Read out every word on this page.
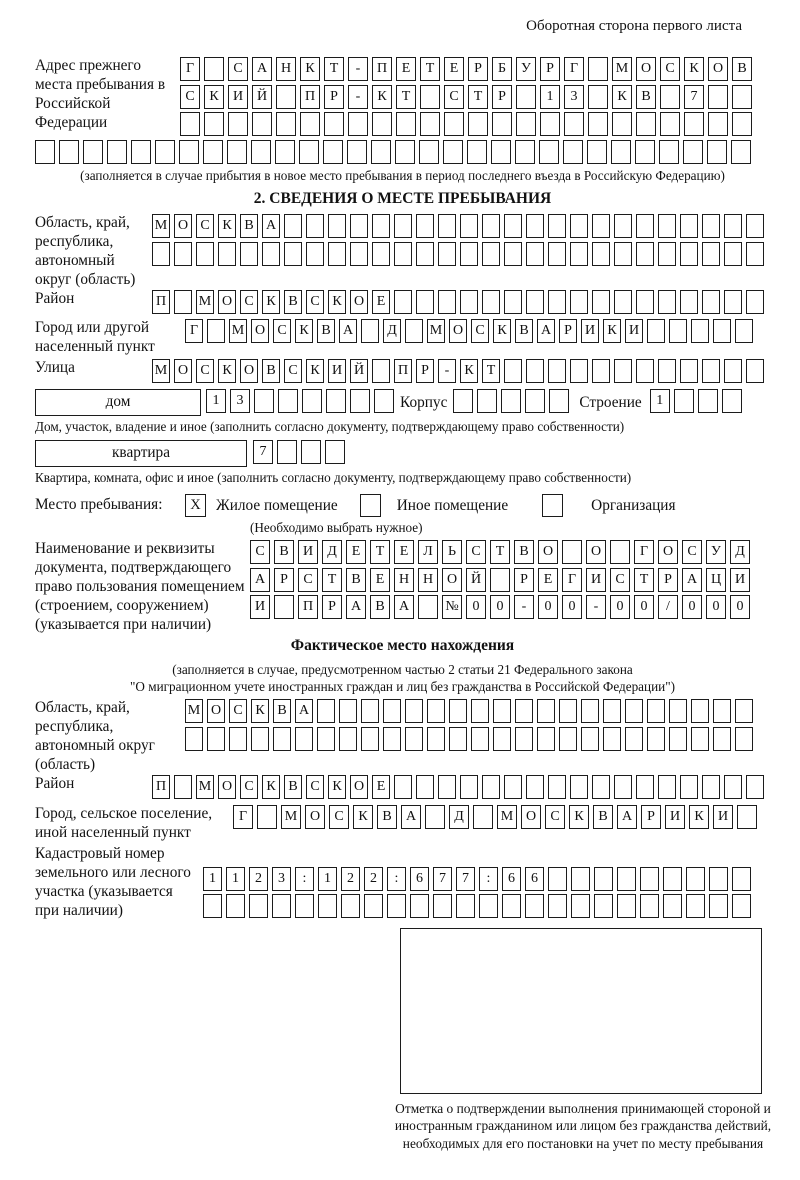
Оборотная сторона первого листа
Адрес прежнего места пребывания в Российской Федерации
Г	С	А Н	К	Т	-	П	Е	Т	Е	Р	Б	У	Р	Г	М О	С	К	О	В
С	К	И Й	П	Р	-	К	Т	С	Т	Р	1	3	К	В	7
(заполняется в случае прибытия в новое место пребывания в период последнего въезда в Российскую Федерацию)
2. СВЕДЕНИЯ О МЕСТЕ ПРЕБЫВАНИЯ
Область, край, республика, автономный округ (область)
М О С К В А
Район	П М О С К В С К О Е
Город или другой населенный пункт
Г	М О С К В А	Д	М О С К В А Р И К И
Улица	М О С К О В С К И Й П Р	-	К Т
дом	1	3	Корпус	Строение	1
Дом, участок, владение и иное (заполнить согласно документу, подтверждающему право собственности)
квартира	7
Квартира, комната, офис и иное (заполнить согласно документу, подтверждающему право собственности)
Место пребывания:	X Жилое помещение	Иное помещение	Организация
(Необходимо выбрать нужное)
Наименование и реквизиты документа, подтверждающего право пользования помещением (строением, сооружением) (указывается при наличии)
С	В	И	Д	Е	Т	Е	Л	Ь	С	Т	В	О	О	Г	О	С	У	Д
А	Р	С	Т	В	Е	Н Н О Й	Р	Е	Г	И	С	Т	Р	А Ц И
И	П	Р	А	В	А	№ 0	0	-	0	0	-	0	0	/	0	0	0
Фактическое место нахождения
(заполняется в случае, предусмотренном частью 2 статьи 21 Федерального закона
"О миграционном учете иностранных граждан и лиц без гражданства в Российской Федерации")
Область, край, республика, автономный округ (область)
М О С К В А
Район	П М О С К В С К О Е
Город, сельское поселение, иной населенный пункт
Г	М О	С	К	В	А	Д	М О	С	К	В	А	Р	И	К	И
Кадастровый номер земельного или лесного участка (указывается при наличии)
1	1	2	3	:	1	2	2	:	6	7	7	:	6	6
Отметка о подтверждении выполнения принимающей стороной и иностранным гражданином или лицом без гражданства действий, необходимых для его постановки на учет по месту пребывания
